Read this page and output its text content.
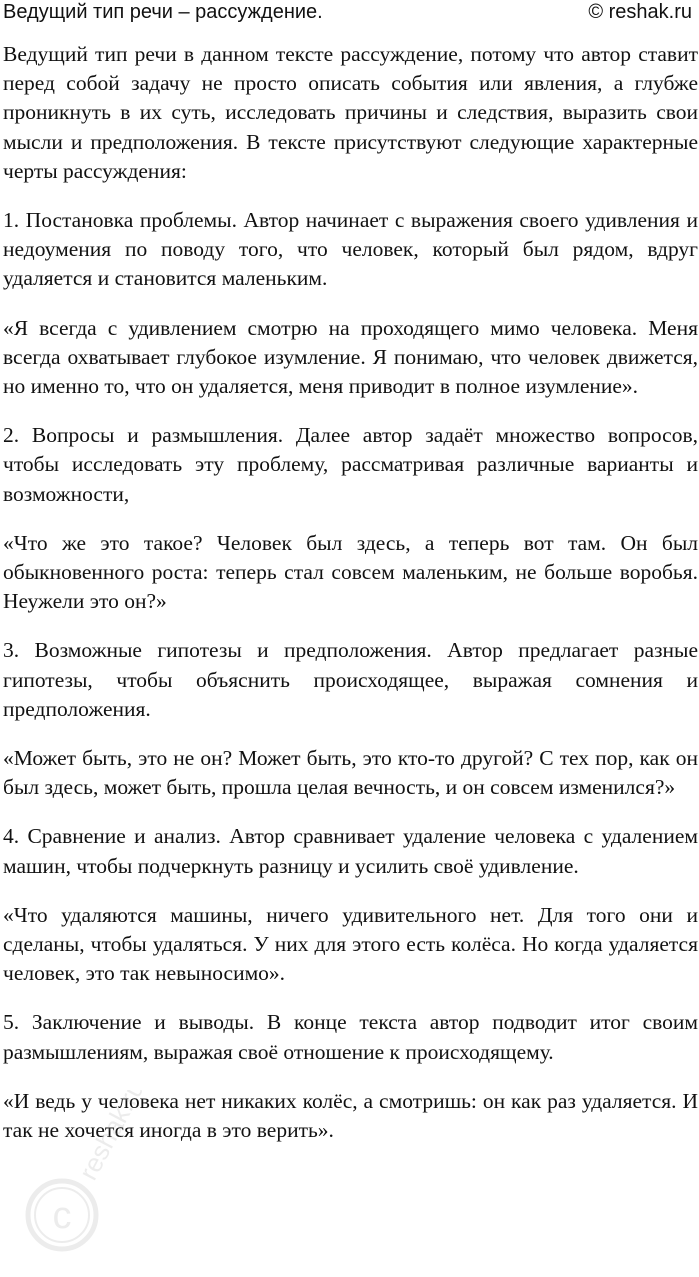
Ведущий тип речи – рассуждение.	© reshak.ru

Ведущий тип речи в данном тексте рассуждение, потому что автор ставит перед собой задачу не просто описать события или явления, а глубже проникнуть в их суть, исследовать причины и следствия, выразить свои мысли и предположения. В тексте присутствуют следующие характерные черты рассуждения:

1. Постановка проблемы. Автор начинает с выражения своего удивления и недоумения по поводу того, что человек, который был рядом, вдруг удаляется и становится маленьким.

«Я всегда с удивлением смотрю на проходящего мимо человека. Меня всегда охватывает глубокое изумление. Я понимаю, что человек движется, но именно то, что он удаляется, меня приводит в полное изумление».

2. Вопросы и размышления. Далее автор задаёт множество вопросов, чтобы исследовать эту проблему, рассматривая различные варианты и возможности,

«Что же это такое? Человек был здесь, а теперь вот там. Он был обыкновенного роста: теперь стал совсем маленьким, не больше воробья. Неужели это он?»

3. Возможные гипотезы и предположения. Автор предлагает разные гипотезы, чтобы объяснить происходящее, выражая сомнения и предположения.

«Может быть, это не он? Может быть, это кто-то другой? С тех пор, как он был здесь, может быть, прошла целая вечность, и он совсем изменился?»

4. Сравнение и анализ. Автор сравнивает удаление человека с удалением машин, чтобы подчеркнуть разницу и усилить своё удивление.

«Что удаляются машины, ничего удивительного нет. Для того они и сделаны, чтобы удаляться. У них для этого есть колёса. Но когда удаляется человек, это так невыносимо».

5. Заключение и выводы. В конце текста автор подводит итог своим размышлениям, выражая своё отношение к происходящему.

«И ведь у человека нет никаких колёс, а смотришь: он как раз удаляется. И так не хочется иногда в это верить».

c
reshak.ru
